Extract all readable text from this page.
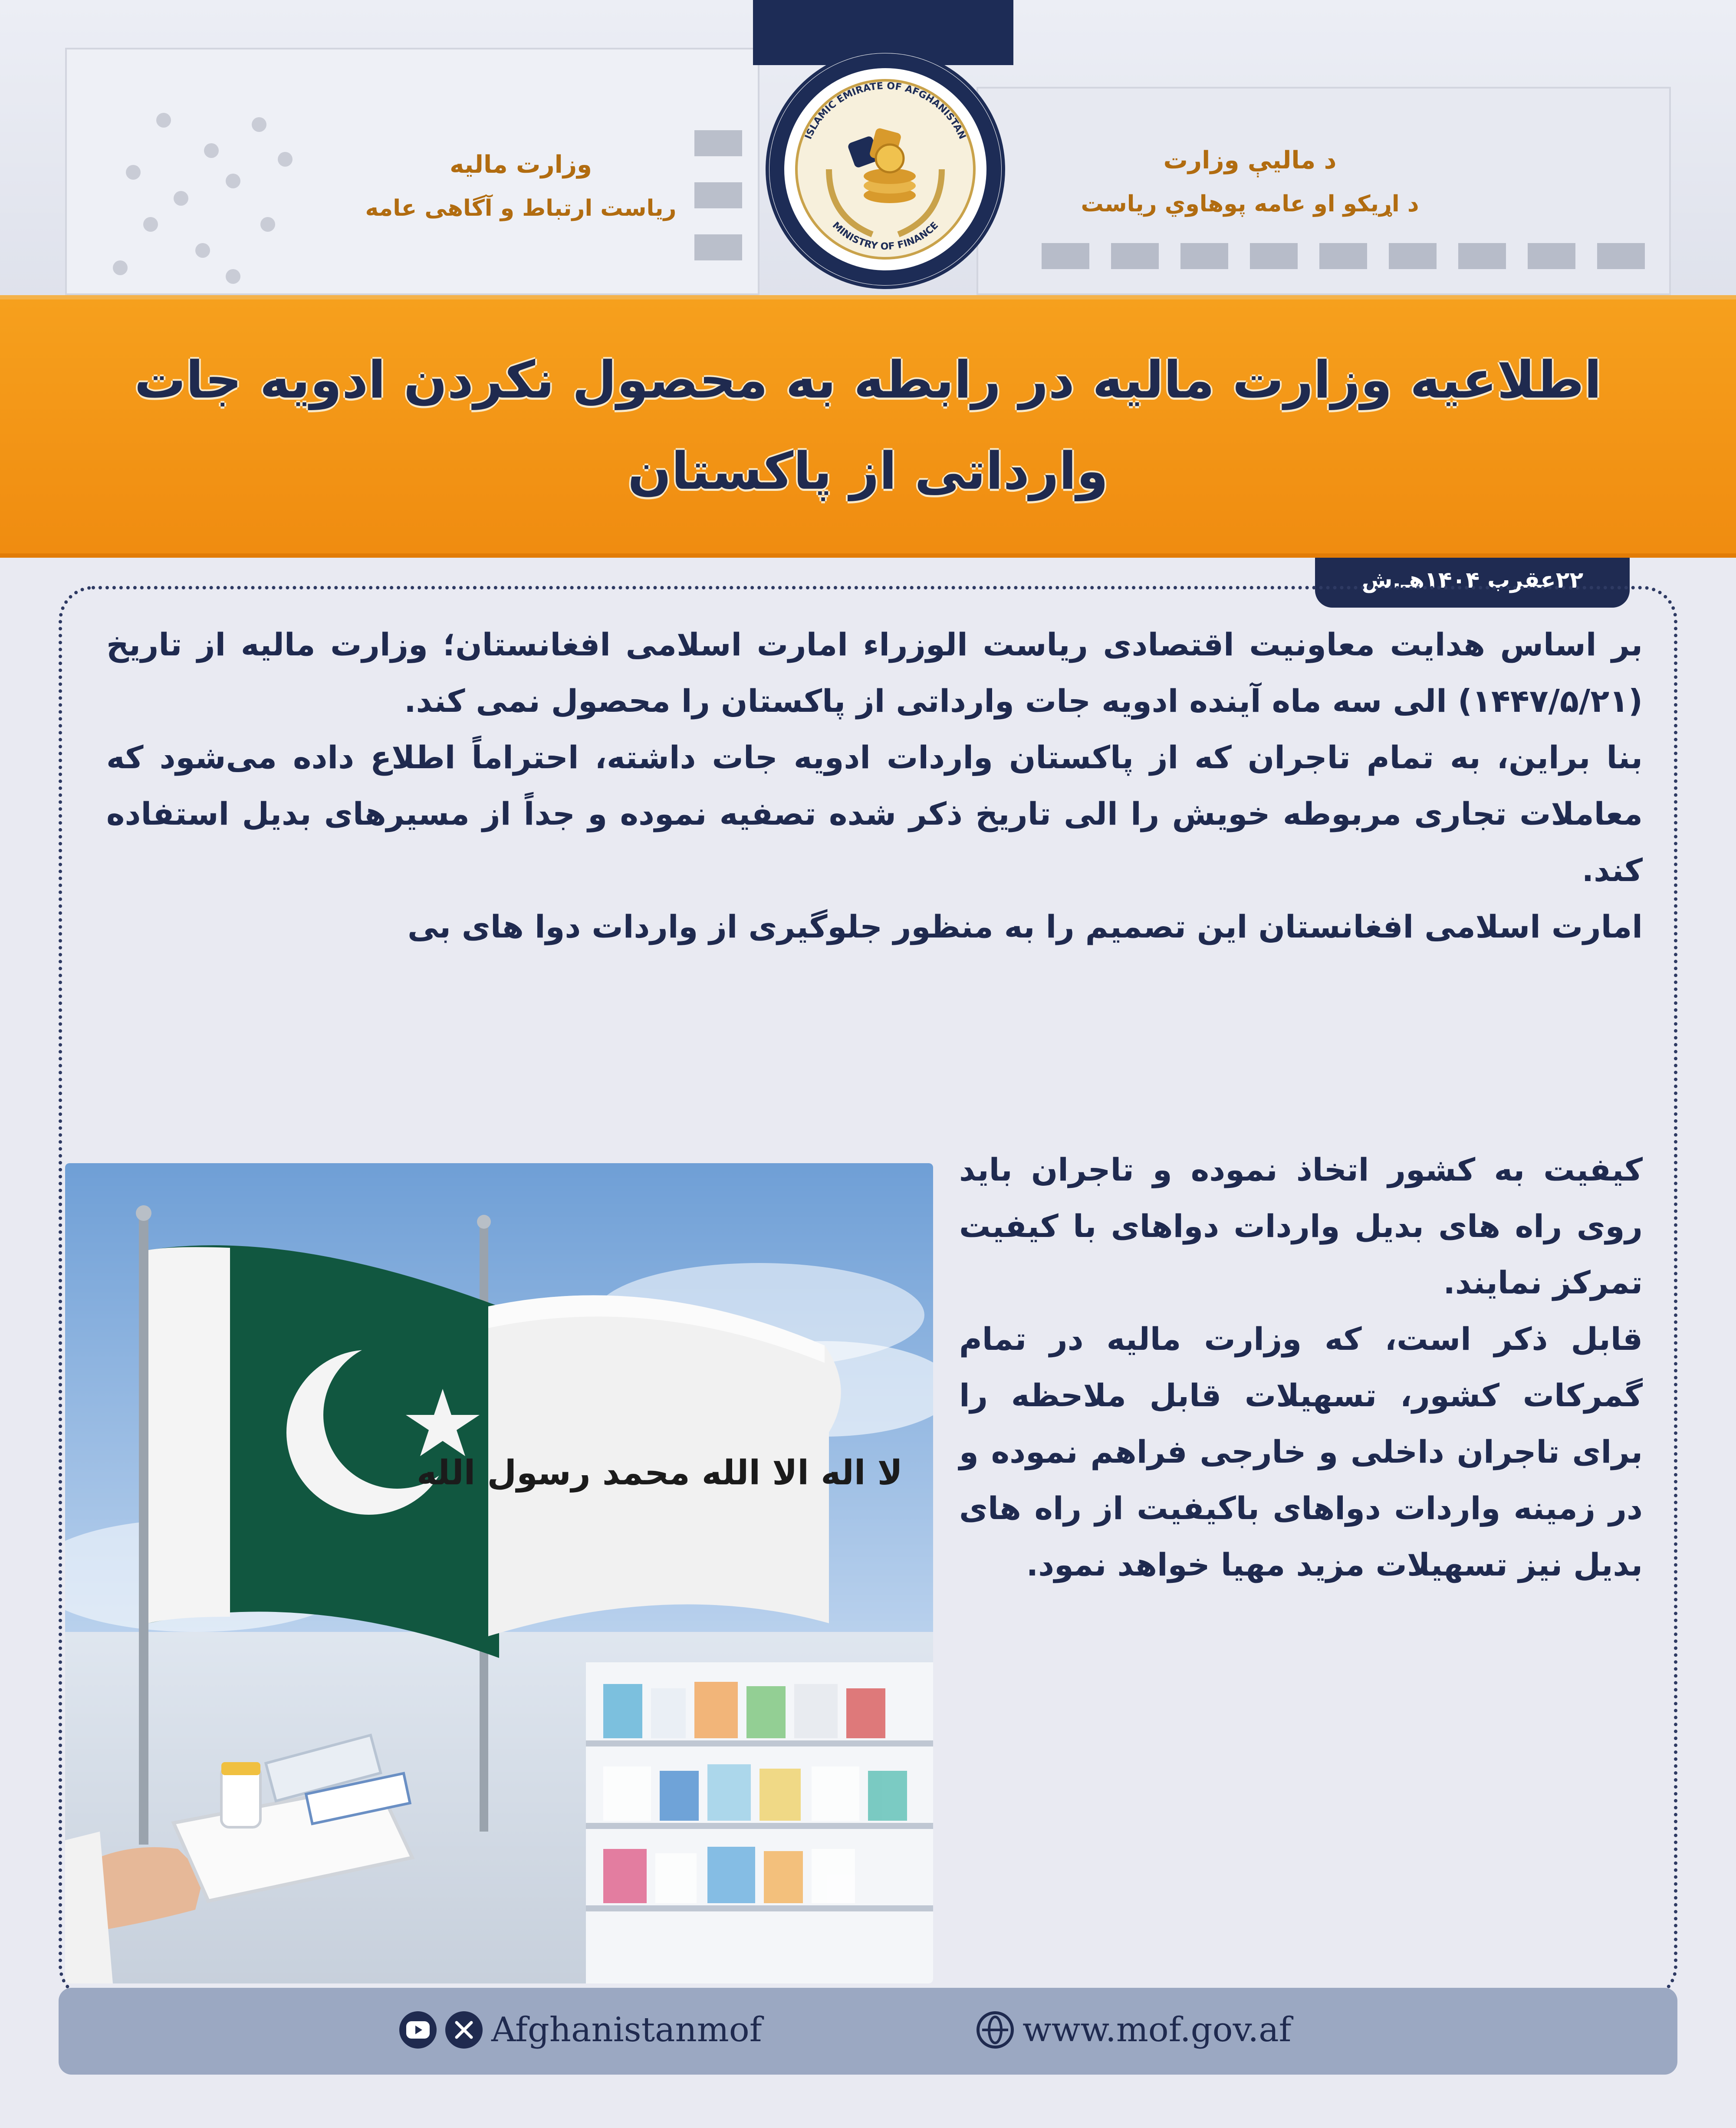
وزارت مالیه
ریاست ارتباط و آگاهی عامه
د ماليې وزارت
د اړیکو او عامه پوهاوي رياست
ISLAMIC EMIRATE OF AFGHANISTAN
MINISTRY OF FINANCE
اطلاعیه وزارت مالیه در رابطه به محصول نکردن ادویه جات
وارداتی از پاکستان
۲۲عقرب ۱۴۰۴هـ.ش

بر اساس هدایت معاونیت اقتصادی ریاست الوزراء امارت اسلامی افغانستان؛ وزارت مالیه از تاریخ (۱۴۴۷/۵/۲۱) الی سه ماه آینده ادویه جات وارداتی از پاکستان را محصول نمی کند.

بنا براین، به تمام تاجران که از پاکستان واردات ادویه جات داشته، احتراماً اطلاع داده می‌شود که معاملات تجاری مربوطه خویش را الی تاریخ ذکر شده تصفیه نموده و جداً از مسیرهای بدیل استفاده کند.

امارت اسلامی افغانستان این تصمیم را به منظور جلوگیری از واردات دوا های بی

کیفیت به کشور اتخاذ نموده و تاجران باید روی راه های بدیل واردات دواهای با کیفیت تمرکز نمایند.

قابل ذکر است، که وزارت مالیه در تمام گمرکات کشور، تسهیلات قابل ملاحظه را برای تاجران داخلی و خارجی فراهم نموده و در زمینه واردات دواهای باکیفیت از راه های بدیل نیز تسهیلات مزید مهیا خواهد نمود.

لا اله الا الله محمد رسول الله
Afghanistanmof	www.mof.gov.af
